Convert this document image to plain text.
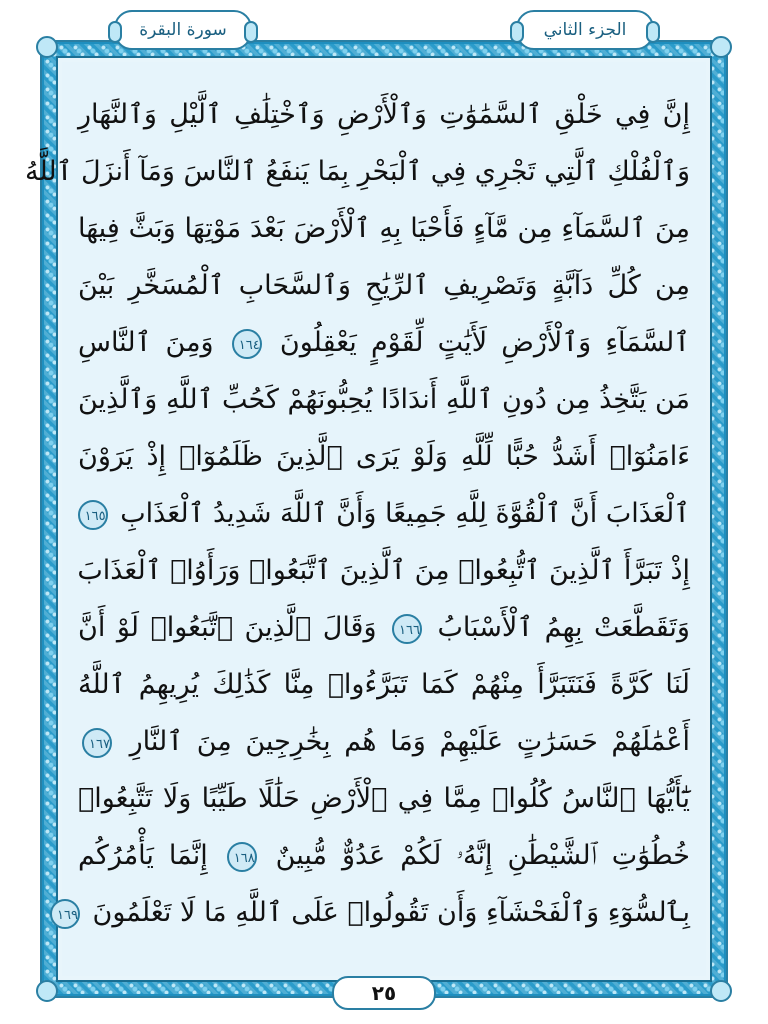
الجزء الثاني
سورة البقرة
إِنَّ فِي خَلْقِ ٱلسَّمَٰوَٰتِ وَٱلْأَرْضِ وَٱخْتِلَٰفِ ٱلَّيْلِ وَٱلنَّهَارِ
وَٱلْفُلْكِ ٱلَّتِي تَجْرِي فِي ٱلْبَحْرِ بِمَا يَنفَعُ ٱلنَّاسَ وَمَآ أَنزَلَ ٱللَّهُ
مِنَ ٱلسَّمَآءِ مِن مَّآءٍ فَأَحْيَا بِهِ ٱلْأَرْضَ بَعْدَ مَوْتِهَا وَبَثَّ فِيهَا
مِن كُلِّ دَآبَّةٍ وَتَصْرِيفِ ٱلرِّيَٰحِ وَٱلسَّحَابِ ٱلْمُسَخَّرِ بَيْنَ
ٱلسَّمَآءِ وَٱلْأَرْضِ لَأَيَٰتٍ لِّقَوْمٍ يَعْقِلُونَ ١٦٤ وَمِنَ ٱلنَّاسِ
مَن يَتَّخِذُ مِن دُونِ ٱللَّهِ أَندَادًا يُحِبُّونَهُمْ كَحُبِّ ٱللَّهِ وَٱلَّذِينَ
ءَامَنُوٓا۟ أَشَدُّ حُبًّا لِّلَّهِ وَلَوْ يَرَى ٱلَّذِينَ ظَلَمُوٓا۟ إِذْ يَرَوْنَ
ٱلْعَذَابَ أَنَّ ٱلْقُوَّةَ لِلَّهِ جَمِيعًا وَأَنَّ ٱللَّهَ شَدِيدُ ٱلْعَذَابِ ١٦٥
إِذْ تَبَرَّأَ ٱلَّذِينَ ٱتُّبِعُوا۟ مِنَ ٱلَّذِينَ ٱتَّبَعُوا۟ وَرَأَوُا۟ ٱلْعَذَابَ
وَتَقَطَّعَتْ بِهِمُ ٱلْأَسْبَابُ ١٦٦ وَقَالَ ٱلَّذِينَ ٱتَّبَعُوا۟ لَوْ أَنَّ
لَنَا كَرَّةً فَنَتَبَرَّأَ مِنْهُمْ كَمَا تَبَرَّءُوا۟ مِنَّا كَذَٰلِكَ يُرِيهِمُ ٱللَّهُ
أَعْمَٰلَهُمْ حَسَرَٰتٍ عَلَيْهِمْ وَمَا هُم بِخَٰرِجِينَ مِنَ ٱلنَّارِ ١٦٧
يَٰٓأَيُّهَا ٱلنَّاسُ كُلُوا۟ مِمَّا فِي ٱلْأَرْضِ حَلَٰلًا طَيِّبًا وَلَا تَتَّبِعُوا۟
خُطُوَٰتِ ٱلشَّيْطَٰنِ إِنَّهُۥ لَكُمْ عَدُوٌّ مُّبِينٌ ١٦٨ إِنَّمَا يَأْمُرُكُم
بِٱلسُّوٓءِ وَٱلْفَحْشَآءِ وَأَن تَقُولُوا۟ عَلَى ٱللَّهِ مَا لَا تَعْلَمُونَ ١٦٩
٢٥
